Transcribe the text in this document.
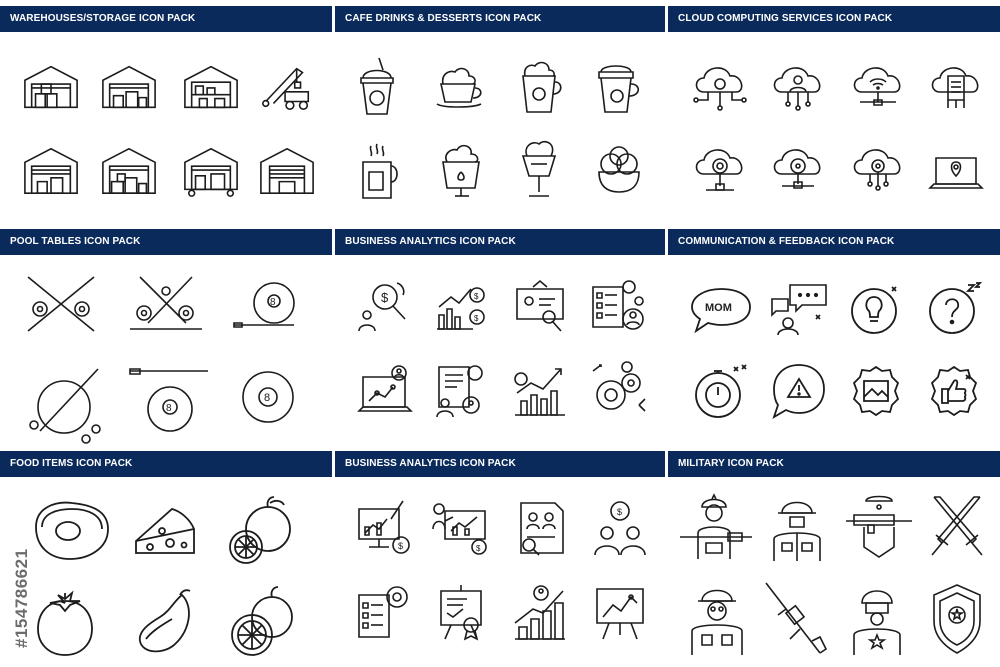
WAREHOUSES/STORAGE ICON PACK	CAFE DRINKS & DESSERTS ICON PACK	CLOUD COMPUTING SERVICES ICON PACK
POOL TABLES ICON PACK
8
8
8
BUSINESS ANALYTICS ICON PACK
$	$
$
COMMUNICATION & FEEDBACK ICON PACK
MOM
FOOD ITEMS ICON PACK	BUSINESS ANALYTICS ICON PACK
$	$
$
MILITARY ICON PACK
#154786621
